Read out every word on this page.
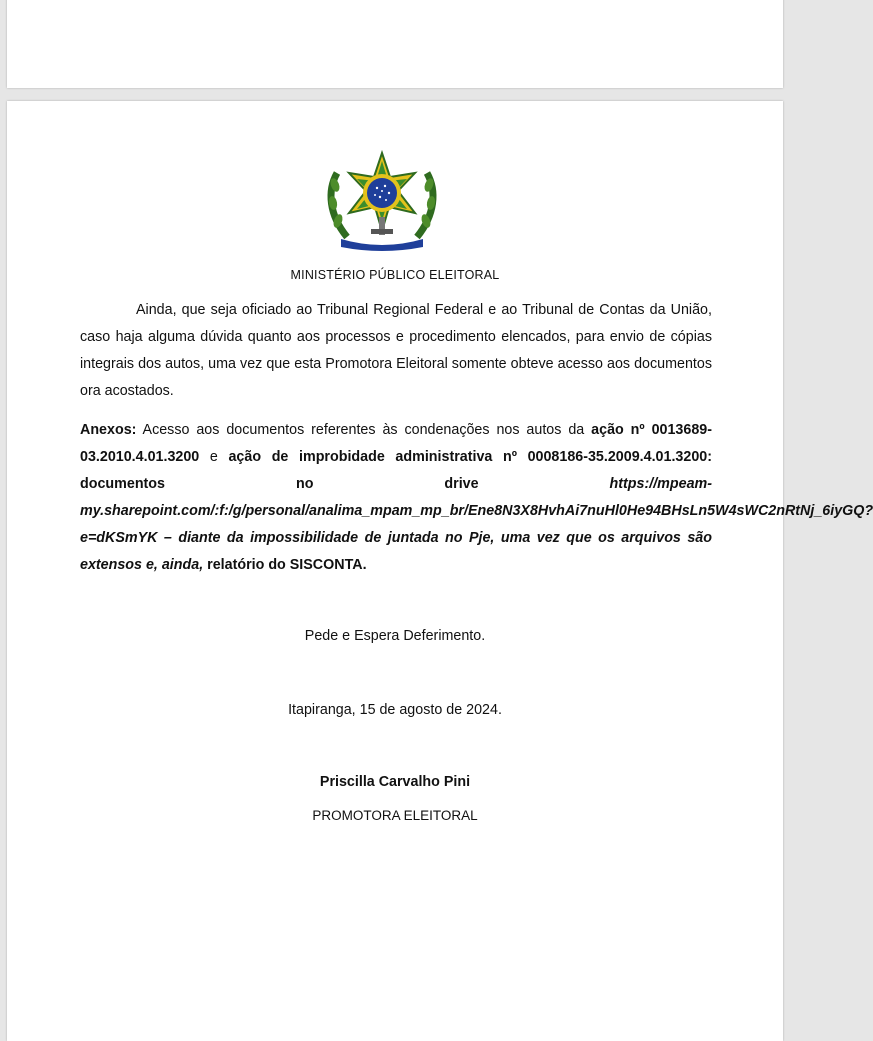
MINISTÉRIO PÚBLICO ELEITORAL

Ainda, que seja oficiado ao Tribunal Regional Federal e ao Tribunal de Contas da União, caso haja alguma dúvida quanto aos processos e procedimento elencados, para envio de cópias integrais dos autos, uma vez que esta Promotora Eleitoral somente obteve acesso aos documentos ora acostados.

Anexos: Acesso aos documentos referentes às condenações nos autos da ação nº 0013689-03.2010.4.01.3200 e ação de improbidade administrativa nº 0008186-35.2009.4.01.3200: documentos no drive https://mpeam-my.sharepoint.com/:f:/g/personal/analima_mpam_mp_br/Ene8N3X8HvhAi7nuHl0He94BHsLn5W4sWC2nRtNj_6iyGQ?e=dKSmYK – diante da impossibilidade de juntada no Pje, uma vez que os arquivos são extensos e, ainda, relatório do SISCONTA.

Pede e Espera Deferimento.
Itapiranga, 15 de agosto de 2024.
Priscilla Carvalho Pini
PROMOTORA ELEITORAL
